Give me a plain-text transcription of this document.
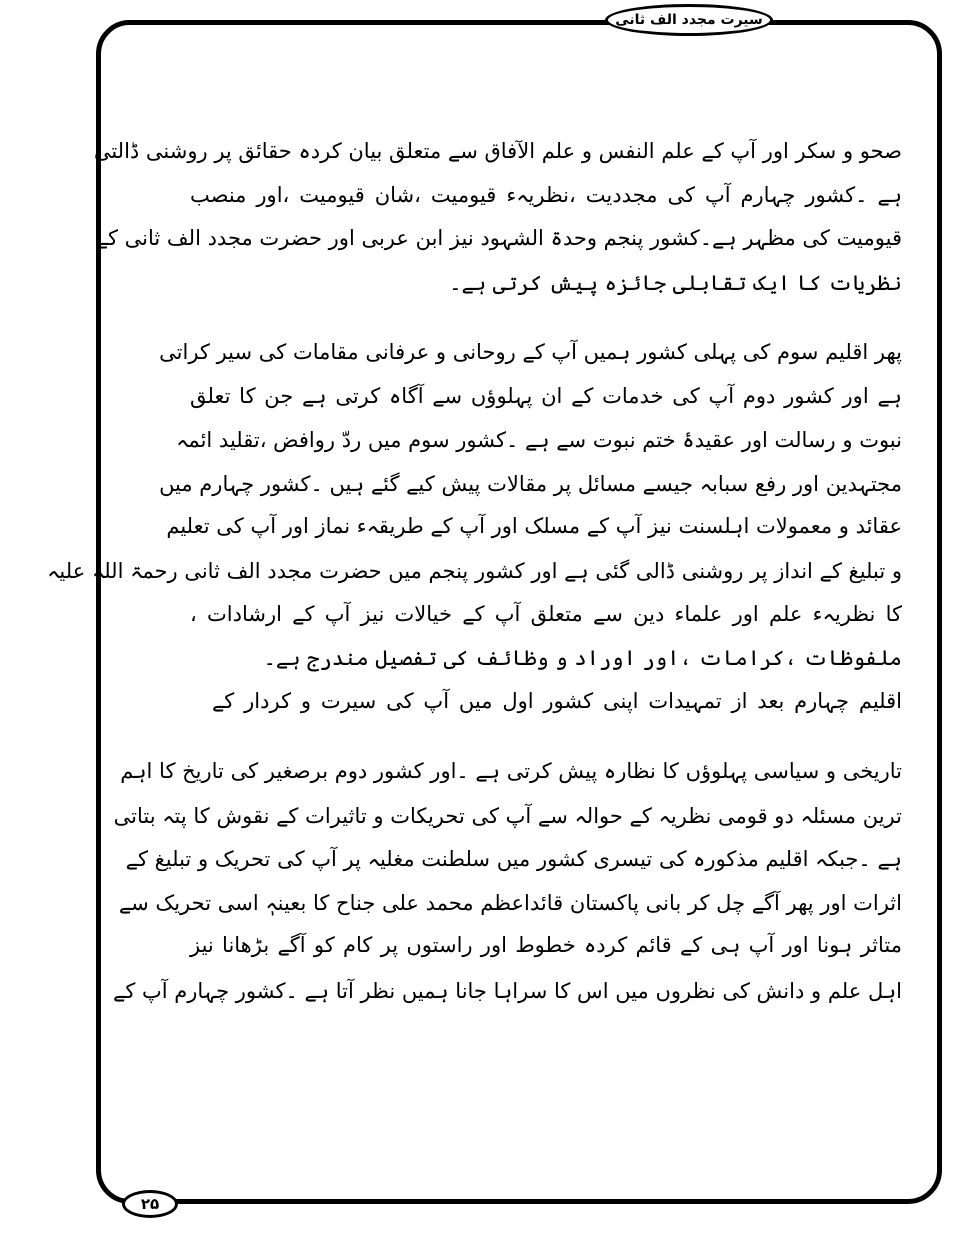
سیرت مجدد الف ثانی
صحو و سکر اور آپ کے علم النفس و علم الآفاق سے متعلق بیان کردہ حقائق پر روشنی ڈالتی
ہے ۔کشور چہارم آپ کی مجددیت ،نظریہء قیومیت ،شان قیومیت ،اور منصب
قیومیت کی مظہر ہے۔کشور پنجم وحدۃ الشہود نیز ابن عربی اور حضرت مجدد الف ثانی کے
نظریات کا ایک تقابلی جائزہ پیش کرتی ہے۔
پھر اقلیم سوم کی پہلی کشور ہمیں آپ کے روحانی و عرفانی مقامات کی سیر کراتی
ہے اور کشور دوم آپ کی خدمات کے ان پہلوؤں سے آگاہ کرتی ہے جن کا تعلق
نبوت و رسالت اور عقیدۂ ختم نبوت سے ہے ۔کشور سوم میں ردّ روافض ،تقلید ائمہ
مجتہدین اور رفع سبابہ جیسے مسائل پر مقالات پیش کیے گئے ہیں ۔کشور چہارم میں
عقائد و معمولات اہلسنت نیز آپ کے مسلک اور آپ کے طریقہء نماز اور آپ کی تعلیم
و تبلیغ کے انداز پر روشنی ڈالی گئی ہے اور کشور پنجم میں حضرت مجدد الف ثانی رحمۃ اللہ علیہ
کا نظریہء علم اور علماء دین سے متعلق آپ کے خیالات نیز آپ کے ارشادات ،
ملفوظات ،کرامات ،اور اوراد و وظائف کی تفصیل مندرج ہے۔
اقلیم چہارم بعد از تمہیدات اپنی کشور اول میں آپ کی سیرت و کردار کے
تاریخی و سیاسی پہلوؤں کا نظارہ پیش کرتی ہے ۔اور کشور دوم برصغیر کی تاریخ کا اہم
ترین مسئلہ دو قومی نظریہ کے حوالہ سے آپ کی تحریکات و تاثیرات کے نقوش کا پتہ بتاتی
ہے ۔جبکہ اقلیم مذکورہ کی تیسری کشور میں سلطنت مغلیہ پر آپ کی تحریک و تبلیغ کے
اثرات اور پھر آگے چل کر بانی پاکستان قائداعظم محمد علی جناح کا بعینہٖ اسی تحریک سے
متاثر ہونا اور آپ ہی کے قائم کردہ خطوط اور راستوں پر کام کو آگے بڑھانا نیز
اہل علم و دانش کی نظروں میں اس کا سراہا جانا ہمیں نظر آتا ہے ۔کشور چہارم آپ کے
۲۵
